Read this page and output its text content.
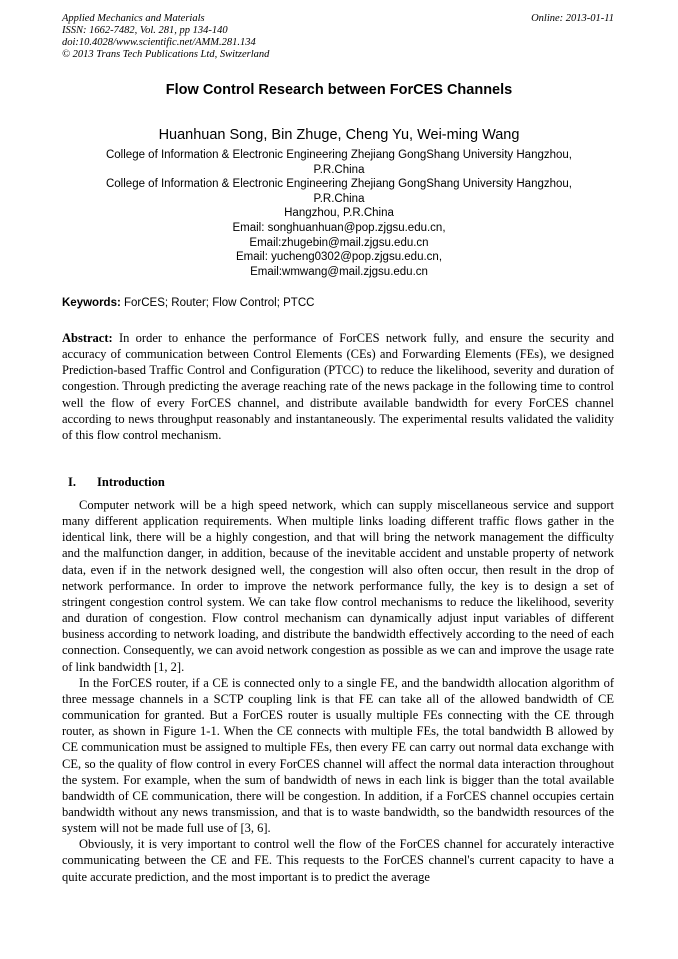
Applied Mechanics and Materials
ISSN: 1662-7482, Vol. 281, pp 134-140
doi:10.4028/www.scientific.net/AMM.281.134
© 2013 Trans Tech Publications Ltd, Switzerland
Online: 2013-01-11
Flow Control Research between ForCES Channels
Huanhuan Song, Bin Zhuge, Cheng Yu, Wei-ming Wang
College of Information & Electronic Engineering Zhejiang GongShang University Hangzhou,
P.R.China
College of Information & Electronic Engineering Zhejiang GongShang University Hangzhou,
P.R.China
Hangzhou, P.R.China
Email: songhuanhuan@pop.zjgsu.edu.cn,
Email:zhugebin@mail.zjgsu.edu.cn
Email: yucheng0302@pop.zjgsu.edu.cn,
Email:wmwang@mail.zjgsu.edu.cn
Keywords: ForCES; Router; Flow Control; PTCC
Abstract: In order to enhance the performance of ForCES network fully, and ensure the security and accuracy of communication between Control Elements (CEs) and Forwarding Elements (FEs), we designed Prediction-based Traffic Control and Configuration (PTCC) to reduce the likelihood, severity and duration of congestion. Through predicting the average reaching rate of the news package in the following time to control well the flow of every ForCES channel, and distribute available bandwidth for every ForCES channel according to news throughput reasonably and instantaneously. The experimental results validated the validity of this flow control mechanism.
I. Introduction

Computer network will be a high speed network, which can supply miscellaneous service and support many different application requirements. When multiple links loading different traffic flows gather in the identical link, there will be a highly congestion, and that will bring the network management the difficulty and the malfunction danger, in addition, because of the inevitable accident and unstable property of network data, even if in the network designed well, the congestion will also often occur, then result in the drop of network performance. In order to improve the network performance fully, the key is to design a set of stringent congestion control system. We can take flow control mechanisms to reduce the likelihood, severity and duration of congestion. Flow control mechanism can dynamically adjust input variables of different business according to network loading, and distribute the bandwidth effectively according to the need of each connection. Consequently, we can avoid network congestion as possible as we can and improve the usage rate of link bandwidth [1, 2].

In the ForCES router, if a CE is connected only to a single FE, and the bandwidth allocation algorithm of three message channels in a SCTP coupling link is that FE can take all of the allowed bandwidth of CE communication for granted. But a ForCES router is usually multiple FEs connecting with the CE through router, as shown in Figure 1-1. When the CE connects with multiple FEs, the total bandwidth B allowed by CE communication must be assigned to multiple FEs, then every FE can carry out normal data exchange with CE, so the quality of flow control in every ForCES channel will affect the normal data interaction throughout the system. For example, when the sum of bandwidth of news in each link is bigger than the total available bandwidth of CE communication, there will be congestion. In addition, if a ForCES channel occupies certain bandwidth without any news transmission, and that is to waste bandwidth, so the bandwidth resources of the system will not be made full use of [3, 6].

Obviously, it is very important to control well the flow of the ForCES channel for accurately interactive communicating between the CE and FE. This requests to the ForCES channel's current capacity to have a quite accurate prediction, and the most important is to predict the average
